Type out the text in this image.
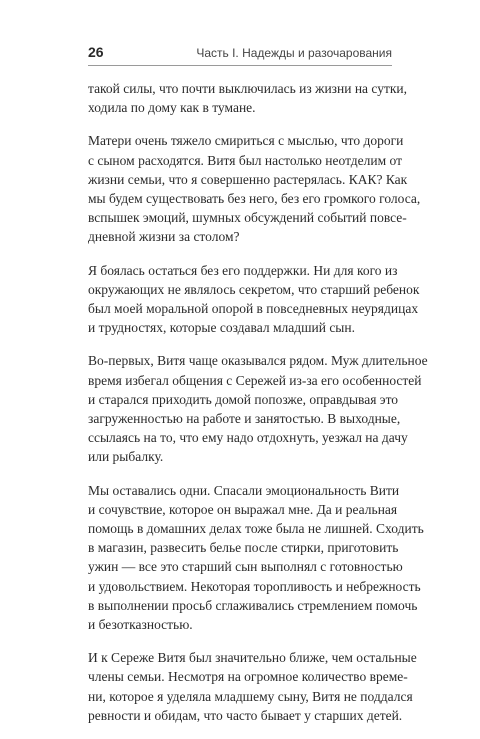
26	Часть I. Надежды и разочарования

такой силы, что почти выключилась из жизни на сутки,
ходила по дому как в тумане.

Матери очень тяжело смириться с мыслью, что дороги
с сыном расходятся. Витя был настолько неотделим от
жизни семьи, что я совершенно растерялась. КАК? Как
мы будем существовать без него, без его громкого голоса,
вспышек эмоций, шумных обсуждений событий повсе-
дневной жизни за столом?

Я боялась остаться без его поддержки. Ни для кого из
окружающих не являлось секретом, что старший ребенок
был моей моральной опорой в повседневных неурядицах
и трудностях, которые создавал младший сын.

Во-первых, Витя чаще оказывался рядом. Муж длительное
время избегал общения с Сережей из-за его особенностей
и старался приходить домой попозже, оправдывая это
загруженностью на работе и занятостью. В выходные,
ссылаясь на то, что ему надо отдохнуть, уезжал на дачу
или рыбалку.

Мы оставались одни. Спасали эмоциональность Вити
и сочувствие, которое он выражал мне. Да и реальная
помощь в домашних делах тоже была не лишней. Сходить
в магазин, развесить белье после стирки, приготовить
ужин — все это старший сын выполнял с готовностью
и удовольствием. Некоторая торопливость и небрежность
в выполнении просьб сглаживались стремлением помочь
и безотказностью.

И к Сереже Витя был значительно ближе, чем остальные
члены семьи. Несмотря на огромное количество време-
ни, которое я уделяла младшему сыну, Витя не поддался
ревности и обидам, что часто бывает у старших детей.
